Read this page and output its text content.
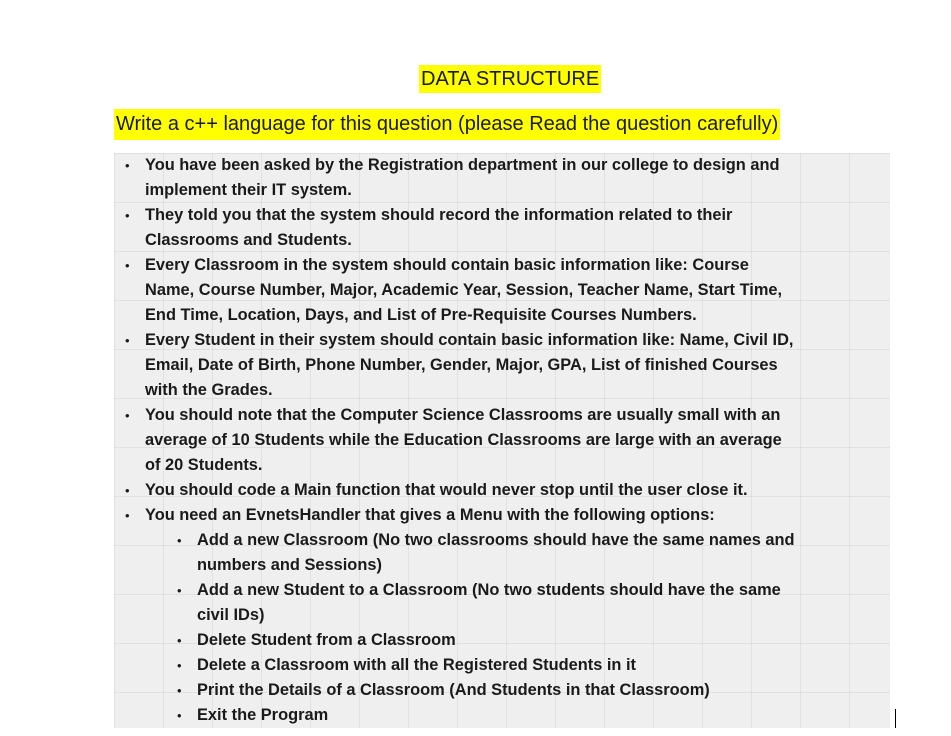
DATA STRUCTURE
Write a c++ language for this question (please Read the question carefully)
• You have been asked by the Registration department in our college to design and
implement their IT system.
• They told you that the system should record the information related to their
Classrooms and Students.
• Every Classroom in the system should contain basic information like: Course
Name, Course Number, Major, Academic Year, Session, Teacher Name, Start Time,
End Time, Location, Days, and List of Pre-Requisite Courses Numbers.
• Every Student in their system should contain basic information like: Name, Civil ID,
Email, Date of Birth, Phone Number, Gender, Major, GPA, List of finished Courses
with the Grades.
• You should note that the Computer Science Classrooms are usually small with an
average of 10 Students while the Education Classrooms are large with an average
of 20 Students.
• You should code a Main function that would never stop until the user close it.
• You need an EvnetsHandler that gives a Menu with the following options:
• Add a new Classroom (No two classrooms should have the same names and
numbers and Sessions)
• Add a new Student to a Classroom (No two students should have the same
civil IDs)
• Delete Student from a Classroom
• Delete a Classroom with all the Registered Students in it
• Print the Details of a Classroom (And Students in that Classroom)
• Exit the Program
